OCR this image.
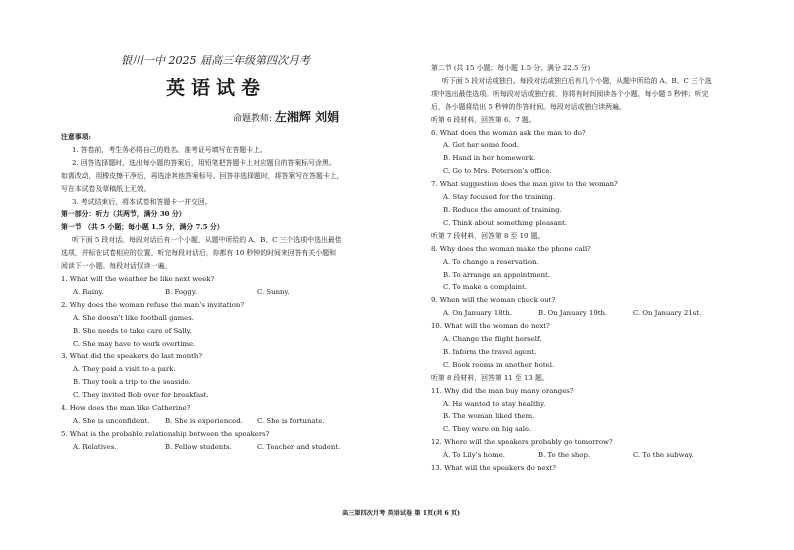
银川一中 2025 届高三年级第四次月考
英语试卷
命题教师: 左湘辉 刘娟
注意事项:
1. 答卷前，考生务必将自己的姓名、准考证号填写在答题卡上。
2. 回答选择题时，选出每小题的答案后，用铅笔把答题卡上对应题目的答案标号涂黑。
如需改动，用橡皮擦干净后，再选涂其他答案标号。回答非选择题时，将答案写在答题卡上，
写在本试卷及草稿纸上无效。
3. 考试结束后，将本试卷和答题卡一并交回。
第一部分：听力（共两节，满分 30 分）
第一节 （共 5 小题；每小题 1.5 分，满分 7.5 分）
听下面 5 段对话。每段对话后有一个小题，从题中所给的 A、B、C 三个选项中选出最佳
选项，并标在试卷相应的位置。听完每段对话后，你都有 10 秒钟的时间来回答有关小题和
阅读下一小题。每段对话仅读一遍。
1. What will the weather be like next week?
A. Rainy.	B. Foggy.	C. Sunny.
2. Why does the woman refuse the man’s invitation?
A. She doesn’t like football games.
B. She needs to take care of Sally.
C. She may have to work overtime.
3. What did the speakers do last month?
A. They paid a visit to a park.
B. They took a trip to the seaside.
C. They invited Bob over for breakfast.
4. How does the man like Catherine?
A. She is unconfident.	B. She is experienced.	C. She is fortunate.
5. What is the probable relationship between the speakers?
A. Relatives.	B. Fellow students.	C. Teacher and student.
第二节 (共 15 小题；每小题 1.5 分，满分 22.5 分)
听下面 5 段对话或独白。每段对话或独白后有几个小题，从题中所给的 A、B、C 三个选
项中选出最佳选项。听每段对话或独白前，你将有时间阅读各个小题，每小题 5 秒钟；听完
后，各小题将给出 5 秒钟的作答时间。每段对话或独白读两遍。
听第 6 段材料，回答第 6、7 题。
6. What does the woman ask the man to do?
A. Get her some food.
B. Hand in her homework.
C. Go to Mrs. Peterson’s office.
7. What suggestion does the man give to the woman?
A. Stay focused for the training.
B. Reduce the amount of training.
C. Think about something pleasant.
听第 7 段材料，回答第 8 至 10 题。
8. Why does the woman make the phone call?
A. To change a reservation.
B. To arrange an appointment.
C. To make a complaint.
9. When will the woman check out?
A. On January 18th.	B. On January 19th.	C. On January 21st.
10. What will the woman do next?
A. Change the flight herself.
B. Inform the travel agent.
C. Book rooms in another hotel.
听第 8 段材料，回答第 11 至 13 题。
11. Why did the man buy many oranges?
A. He wanted to stay healthy.
B. The woman liked them.
C. They were on big sale.
12. Where will the speakers probably go tomorrow?
A. To Lily’s home.	B. To the shop.	C. To the subway.
13. What will the speakers do next?
高三第四次月考 英语试卷 第 1页(共 6 页)
